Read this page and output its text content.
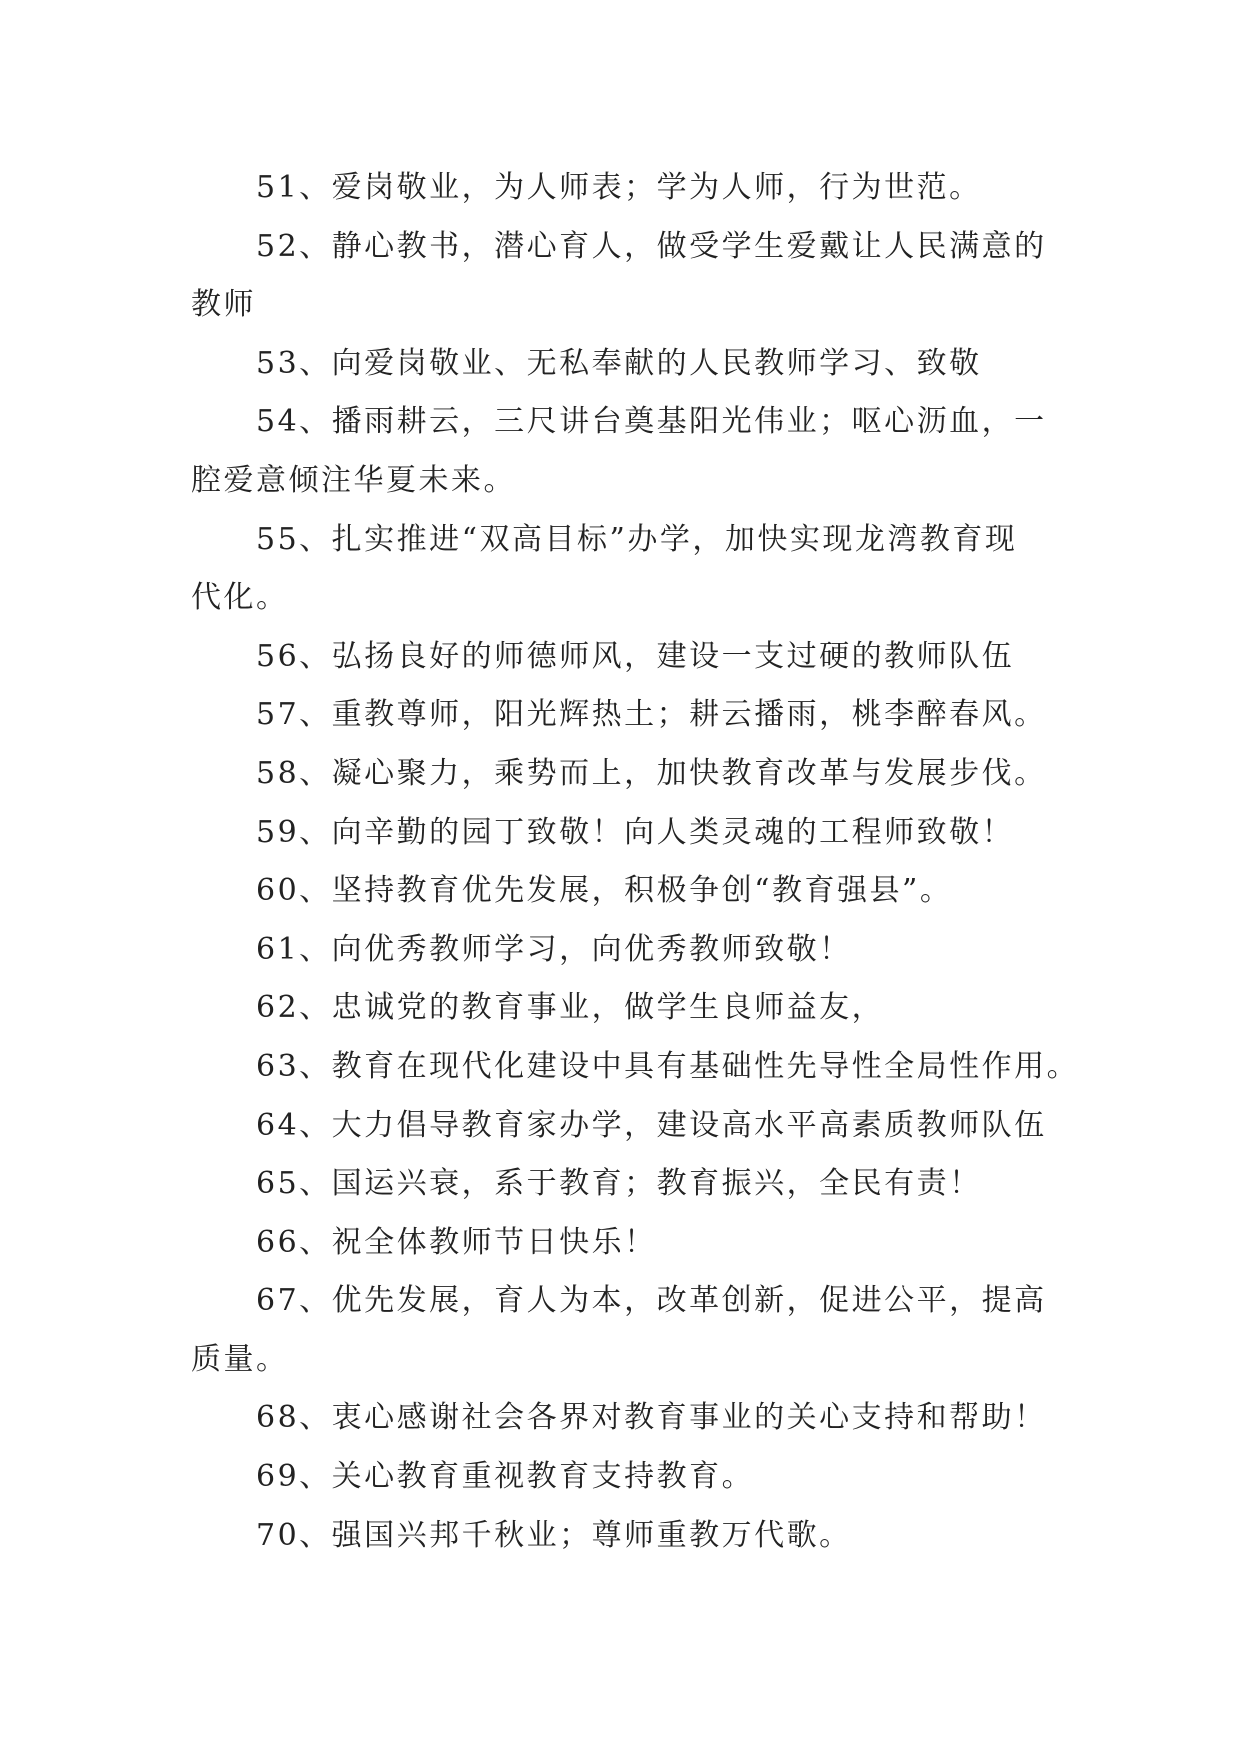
51、爱岗敬业，为人师表；学为人师，行为世范。
52、静心教书，潜心育人，做受学生爱戴让人民满意的
教师
53、向爱岗敬业、无私奉献的人民教师学习、致敬
54、播雨耕云，三尺讲台奠基阳光伟业；呕心沥血，一
腔爱意倾注华夏未来。
55、扎实推进“双高目标”办学，加快实现龙湾教育现
代化。
56、弘扬良好的师德师风，建设一支过硬的教师队伍
57、重教尊师，阳光辉热土；耕云播雨，桃李醉春风。
58、凝心聚力，乘势而上，加快教育改革与发展步伐。
59、向辛勤的园丁致敬！向人类灵魂的工程师致敬！
60、坚持教育优先发展，积极争创“教育强县”。
61、向优秀教师学习，向优秀教师致敬！
62、忠诚党的教育事业，做学生良师益友，
63、教育在现代化建设中具有基础性先导性全局性作用。
64、大力倡导教育家办学，建设高水平高素质教师队伍
65、国运兴衰，系于教育；教育振兴，全民有责！
66、祝全体教师节日快乐！
67、优先发展，育人为本，改革创新，促进公平，提高
质量。
68、衷心感谢社会各界对教育事业的关心支持和帮助！
69、关心教育重视教育支持教育。
70、强国兴邦千秋业；尊师重教万代歌。
